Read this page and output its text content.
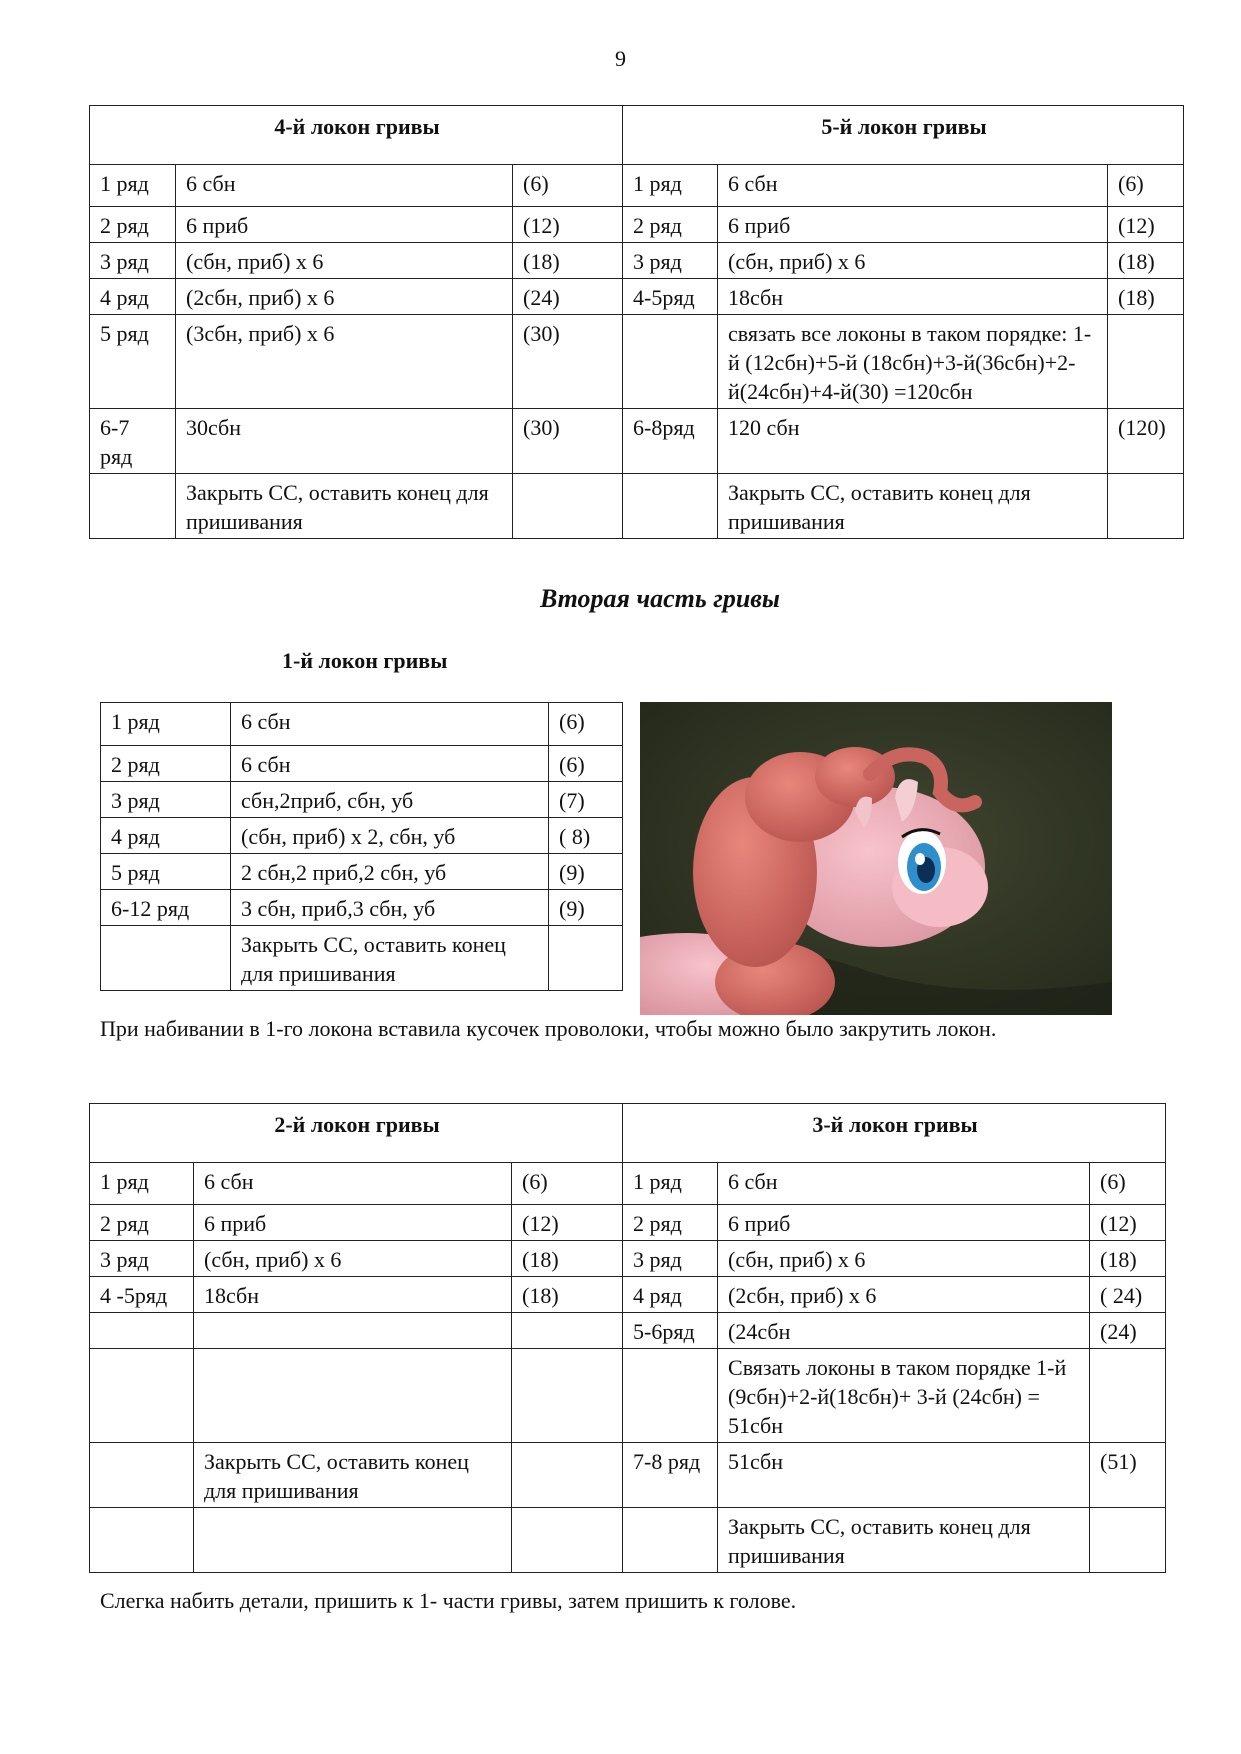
9
4-й локон гривы			5-й локон гривы		
1 ряд	6 сбн	(6)	1 ряд	6 сбн	(6)
2 ряд	6 приб	(12)	2 ряд	6 приб	(12)
3 ряд	(сбн, приб) х 6	(18)	3 ряд	(сбн, приб) х 6	(18)
4 ряд	(2сбн, приб) х 6	(24)	4-5ряд	18сбн	(18)
5 ряд	(3сбн, приб) х 6	(30)		связать все локоны в таком порядке: 1-й (12сбн)+5-й (18сбн)+3-й(36сбн)+2-й(24сбн)+4-й(30) =120сбн	
6-7 ряд	30сбн	(30)	6-8ряд	120 сбн	(120)
	Закрыть СС, оставить конец для пришивания			Закрыть СС, оставить конец для пришивания	
Вторая часть гривы
1-й локон гривы
1 ряд	6 сбн	(6)
2 ряд	6 сбн	(6)
3 ряд	сбн,2приб, сбн, уб	(7)
4 ряд	(сбн, приб) х 2, сбн, уб	( 8)
5 ряд	2 сбн,2 приб,2 сбн, уб	(9)
6-12 ряд	3 сбн, приб,3 сбн, уб	(9)
	Закрыть СС, оставить конец для пришивания	
При набивании в 1-го локона вставила кусочек проволоки, чтобы можно было закрутить локон.
2-й локон гривы			3-й локон гривы		
1 ряд	6 сбн	(6)	1 ряд	6 сбн	(6)
2 ряд	6 приб	(12)	2 ряд	6 приб	(12)
3 ряд	(сбн, приб) х 6	(18)	3 ряд	(сбн, приб) х 6	(18)
4 -5ряд	18сбн	(18)	4 ряд	(2сбн, приб) х 6	( 24)
			5-6ряд	(24сбн	(24)
				Связать локоны в таком порядке 1-й (9сбн)+2-й(18сбн)+ 3-й (24сбн) = 51сбн	
	Закрыть СС, оставить конец для пришивания		7-8 ряд	51сбн	(51)
				Закрыть СС, оставить конец для пришивания	
Слегка набить детали, пришить к 1- части гривы, затем пришить к голове.
